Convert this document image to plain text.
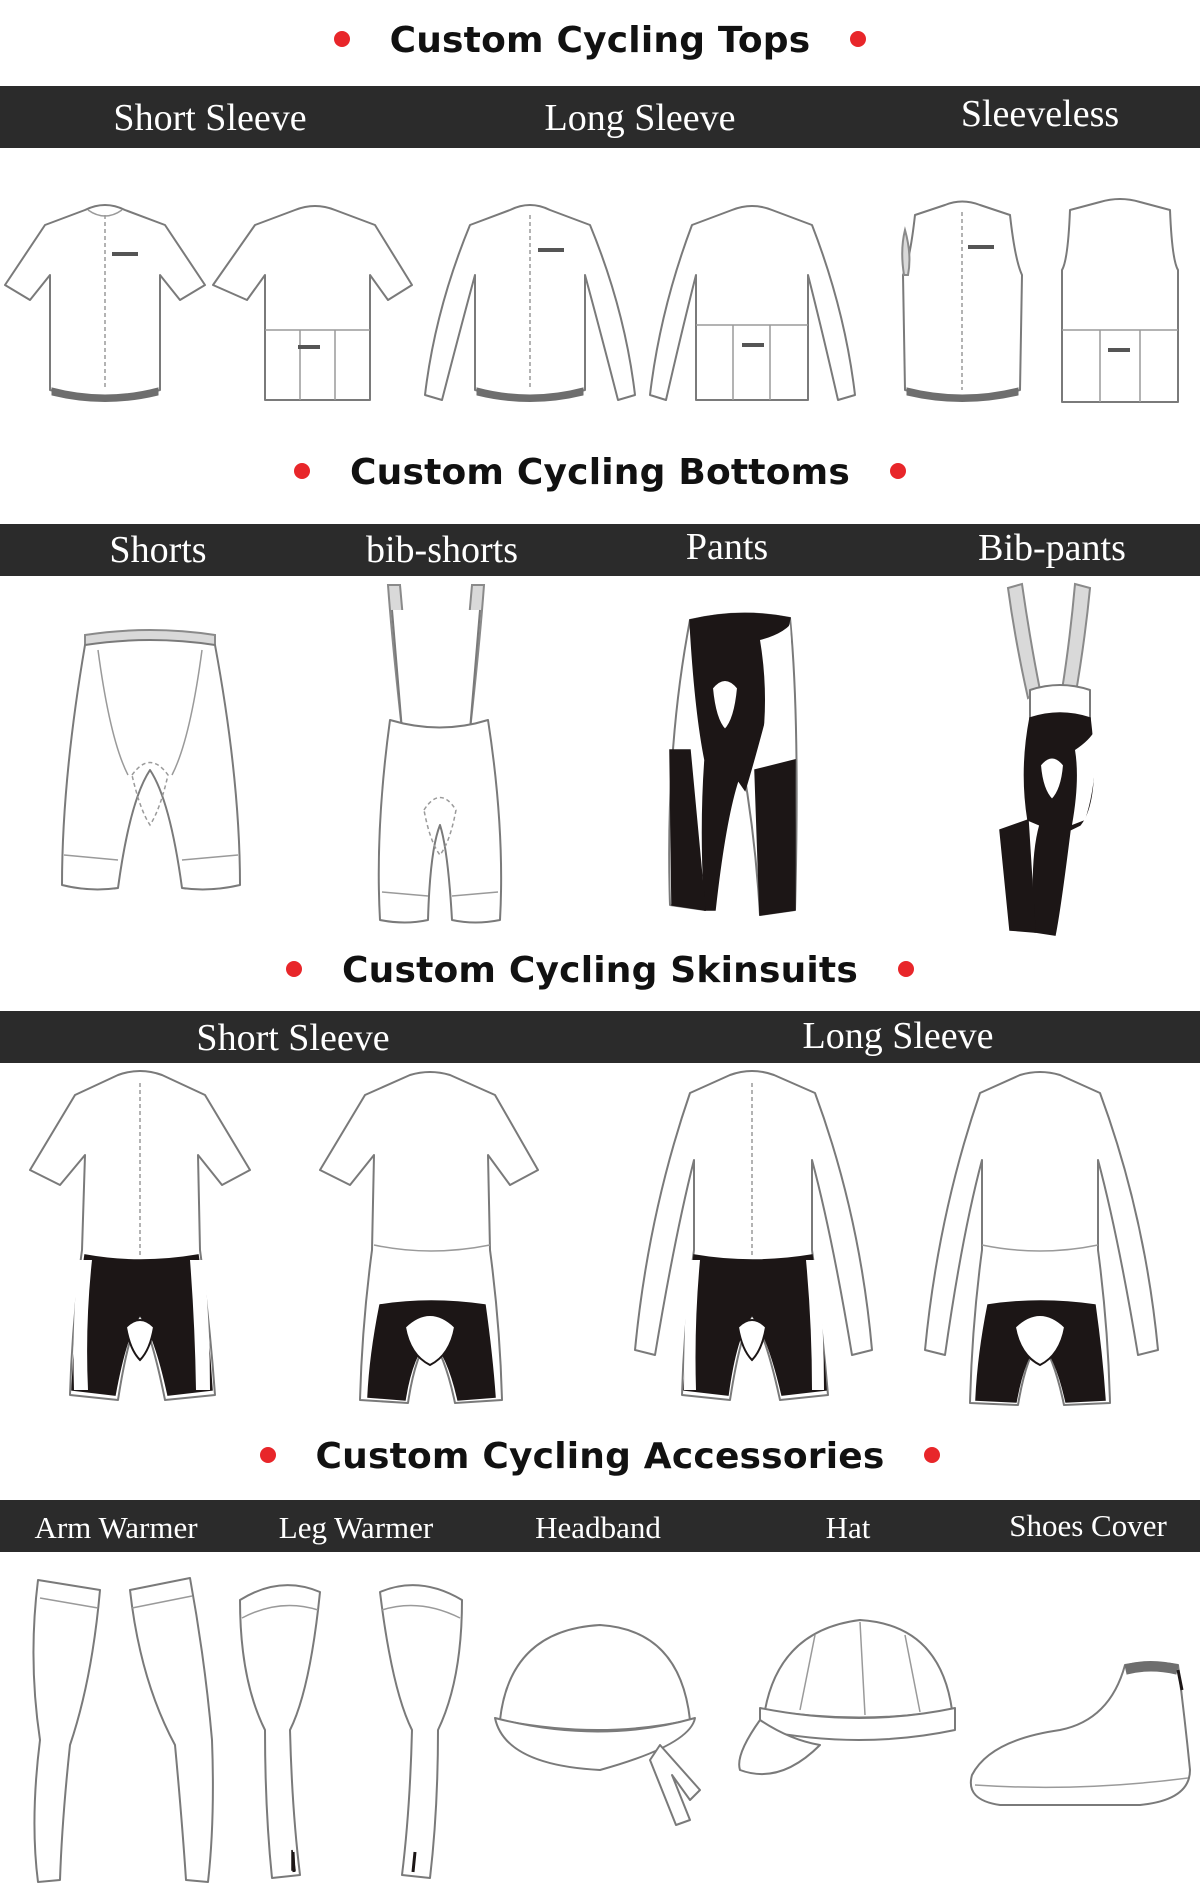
Custom Cycling Tops
Short Sleeve	Long Sleeve	Sleeveless
Custom Cycling Bottoms
Shorts	bib-shorts	Pants	Bib-pants
Custom Cycling Skinsuits
Short Sleeve	Long Sleeve
Custom Cycling Accessories
Arm Warmer	Leg Warmer	Headband	Hat	Shoes Cover
